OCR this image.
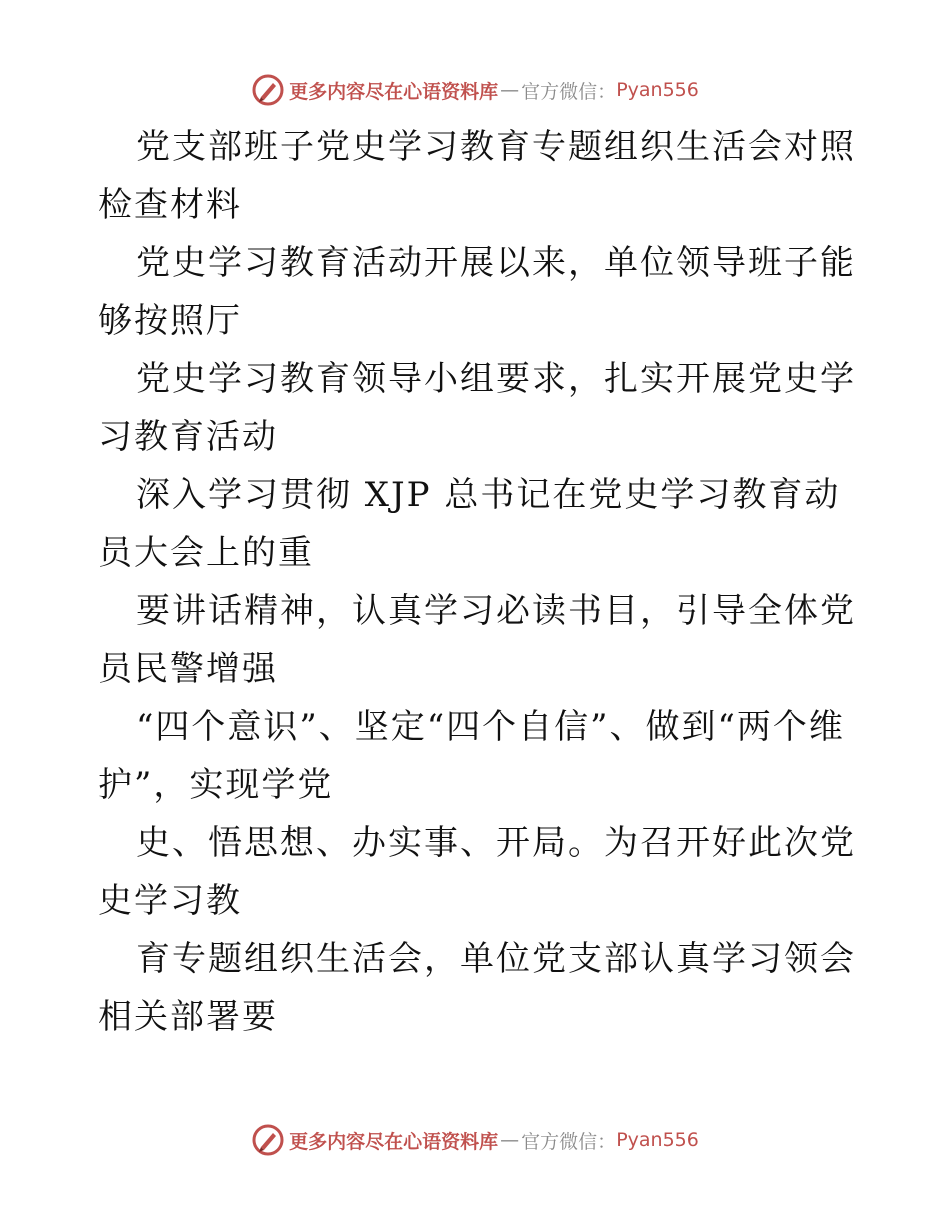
更多内容尽在心语资料库 — 官方微信： Pyan556

党支部班子党史学习教育专题组织生活会对照检查材料

党史学习教育活动开展以来，单位领导班子能够按照厅

党史学习教育领导小组要求，扎实开展党史学习教育活动

深入学习贯彻 XJP 总书记在党史学习教育动员大会上的重

要讲话精神，认真学习必读书目，引导全体党员民警增强

“四个意识”、坚定“四个自信”、做到“两个维护”，实现学党

史、悟思想、办实事、开局。为召开好此次党史学习教

育专题组织生活会，单位党支部认真学习领会相关部署要

更多内容尽在心语资料库 — 官方微信： Pyan556
